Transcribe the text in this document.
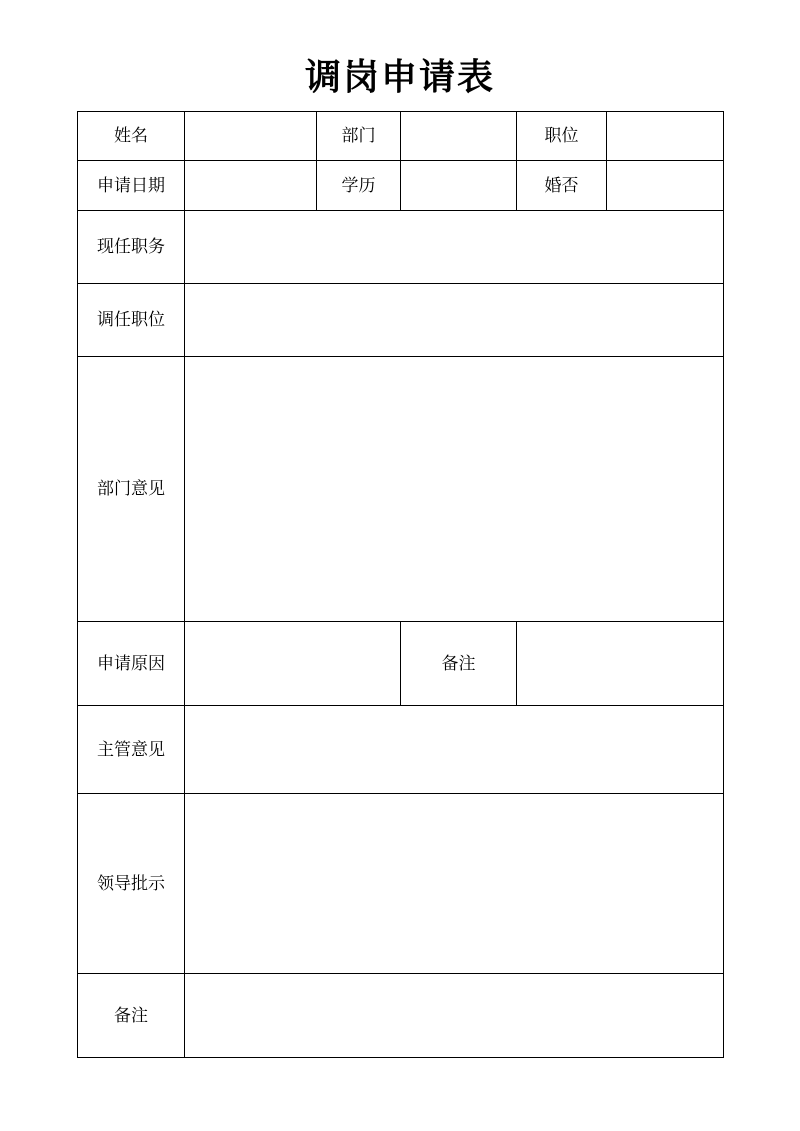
调岗申请表
姓名		部门		职位	
申请日期		学历		婚否	
现任职务					
调任职位					
部门意见					
申请原因			备注		
主管意见					
领导批示					
备注					
